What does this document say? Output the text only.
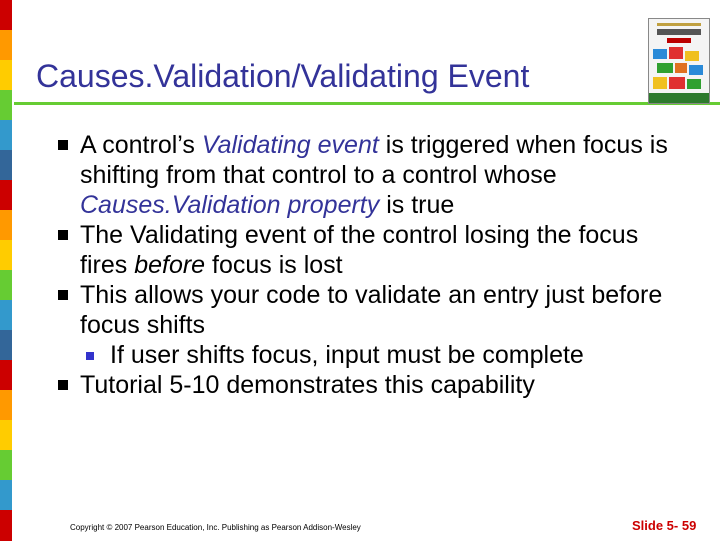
Causes.Validation/Validating Event
A control’s Validating event is triggered when focus is shifting from that control to a control whose Causes.Validation property is true
The Validating event of the control losing the focus fires before focus is lost
This allows your code to validate an entry just before focus shifts
If user shifts focus, input must be complete
Tutorial 5-10 demonstrates this capability
Copyright © 2007 Pearson Education, Inc. Publishing as Pearson Addison-Wesley	Slide 5- 59
